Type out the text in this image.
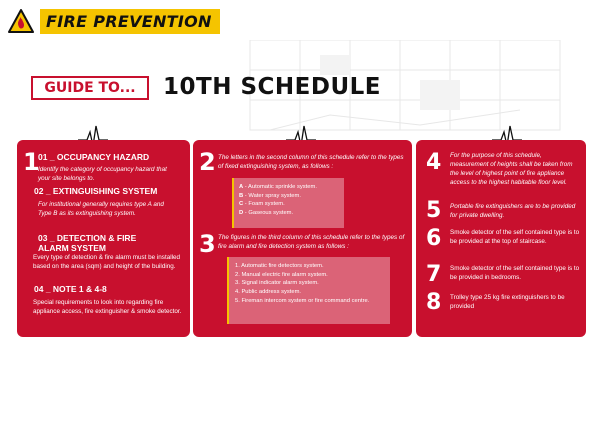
FIRE PREVENTION
GUIDE TO...	10TH SCHEDULE
1
01 _ OCCUPANCY HAZARD
Identify the category of occupancy hazard that your site belongs to.
02 _ EXTINGUISHING SYSTEM
For institutional generally requires type A and Type B as its extinguishing system.
03 _ DETECTION & FIRE ALARM SYSTEM
Every type of detection & fire alarm must be installed based on the area (sqm) and height of the building.
04 _ NOTE 1 & 4-8
Special requirements to look into regarding fire appliance access, fire extinguisher & smoke detector.
2 The letters in the second column of this schedule refer to the types of fixed extinguishing system, as follows :
A - Automatic sprinkle system.
B - Water spray system.
C - Foam system.
D - Gaseous system.
3 The figures in the third column of this schedule refer to the types of fire alarm and fire detection system as follows :
1. Automatic fire detectors system.
2. Manual electric fire alarm system.
3. Signal indicator alarm system.
4. Public address system.
5. Fireman intercom system or fire command centre.
4 For the purpose of this schedule, measurement of heights shall be taken from the level of highest point of fire appliance access to the highest habitable floor level.
5 Portable fire extinguishers are to be provided for private dwelling.
6 Smoke detector of the self contained type is to be provided at the top of staircase.
7 Smoke detector of the self contained type is to be provided in bedrooms.
8 Trolley type 25 kg fire extinguishers to be provided
